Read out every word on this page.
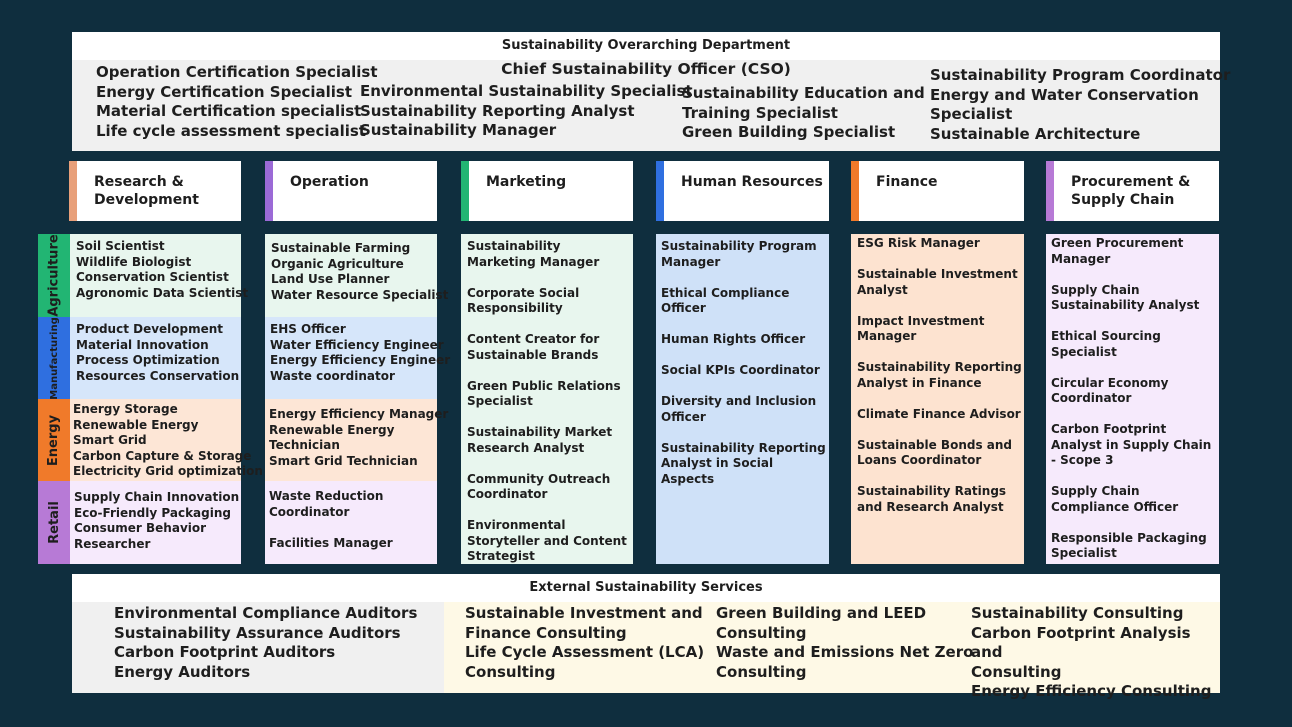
Sustainability Overarching Department
Chief Sustainability Officer (CSO)
Operation Certification Specialist
Energy Certification Specialist
Material Certification specialist
Life cycle assessment specialist
Environmental Sustainability Specialist
Sustainability Reporting Analyst
Sustainability Manager
Sustainability Education and
Training Specialist
Green Building Specialist
Sustainability Program Coordinator
Energy and Water Conservation
Specialist
Sustainable Architecture
Research &
Development
Operation	Marketing	Human Resources	Finance	Procurement &
Supply Chain
Agriculture
Manufacturing
Energy
Retail
Soil Scientist
Wildlife Biologist
Conservation Scientist
Agronomic Data Scientist
Product Development
Material Innovation
Process Optimization
Resources Conservation
Energy Storage
Renewable Energy
Smart Grid
Carbon Capture & Storage
Electricity Grid optimization
Supply Chain Innovation
Eco-Friendly Packaging
Consumer Behavior
Researcher
Sustainable Farming
Organic Agriculture
Land Use Planner
Water Resource Specialist
EHS Officer
Water Efficiency Engineer
Energy Efficiency Engineer
Waste coordinator
Energy Efficiency Manager
Renewable Energy
Technician
Smart Grid Technician
Waste Reduction
Coordinator
Facilities Manager
Sustainability Marketing Manager
Corporate Social Responsibility
Content Creator for Sustainable Brands
Green Public Relations Specialist
Sustainability Market Research Analyst
Community Outreach Coordinator
Environmental Storyteller and Content Strategist
Sustainability Program Manager
Ethical Compliance Officer
Human Rights Officer
Social KPIs Coordinator
Diversity and Inclusion Officer
Sustainability Reporting Analyst in Social Aspects
ESG Risk Manager
Sustainable Investment Analyst
Impact Investment Manager
Sustainability Reporting Analyst in Finance
Climate Finance Advisor
Sustainable Bonds and Loans Coordinator
Sustainability Ratings and Research Analyst
Green Procurement Manager
Supply Chain Sustainability Analyst
Ethical Sourcing Specialist
Circular Economy Coordinator
Carbon Footprint Analyst in Supply Chain - Scope 3
Supply Chain Compliance Officer
Responsible Packaging Specialist
External Sustainability Services
Environmental Compliance Auditors
Sustainability Assurance Auditors
Carbon Footprint Auditors
Energy Auditors
Sustainable Investment and
Finance Consulting
Life Cycle Assessment (LCA)
Consulting
Green Building and LEED
Consulting
Waste and Emissions Net Zero
Consulting
Sustainability Consulting
Carbon Footprint Analysis and
Consulting
Energy Efficiency Consulting
